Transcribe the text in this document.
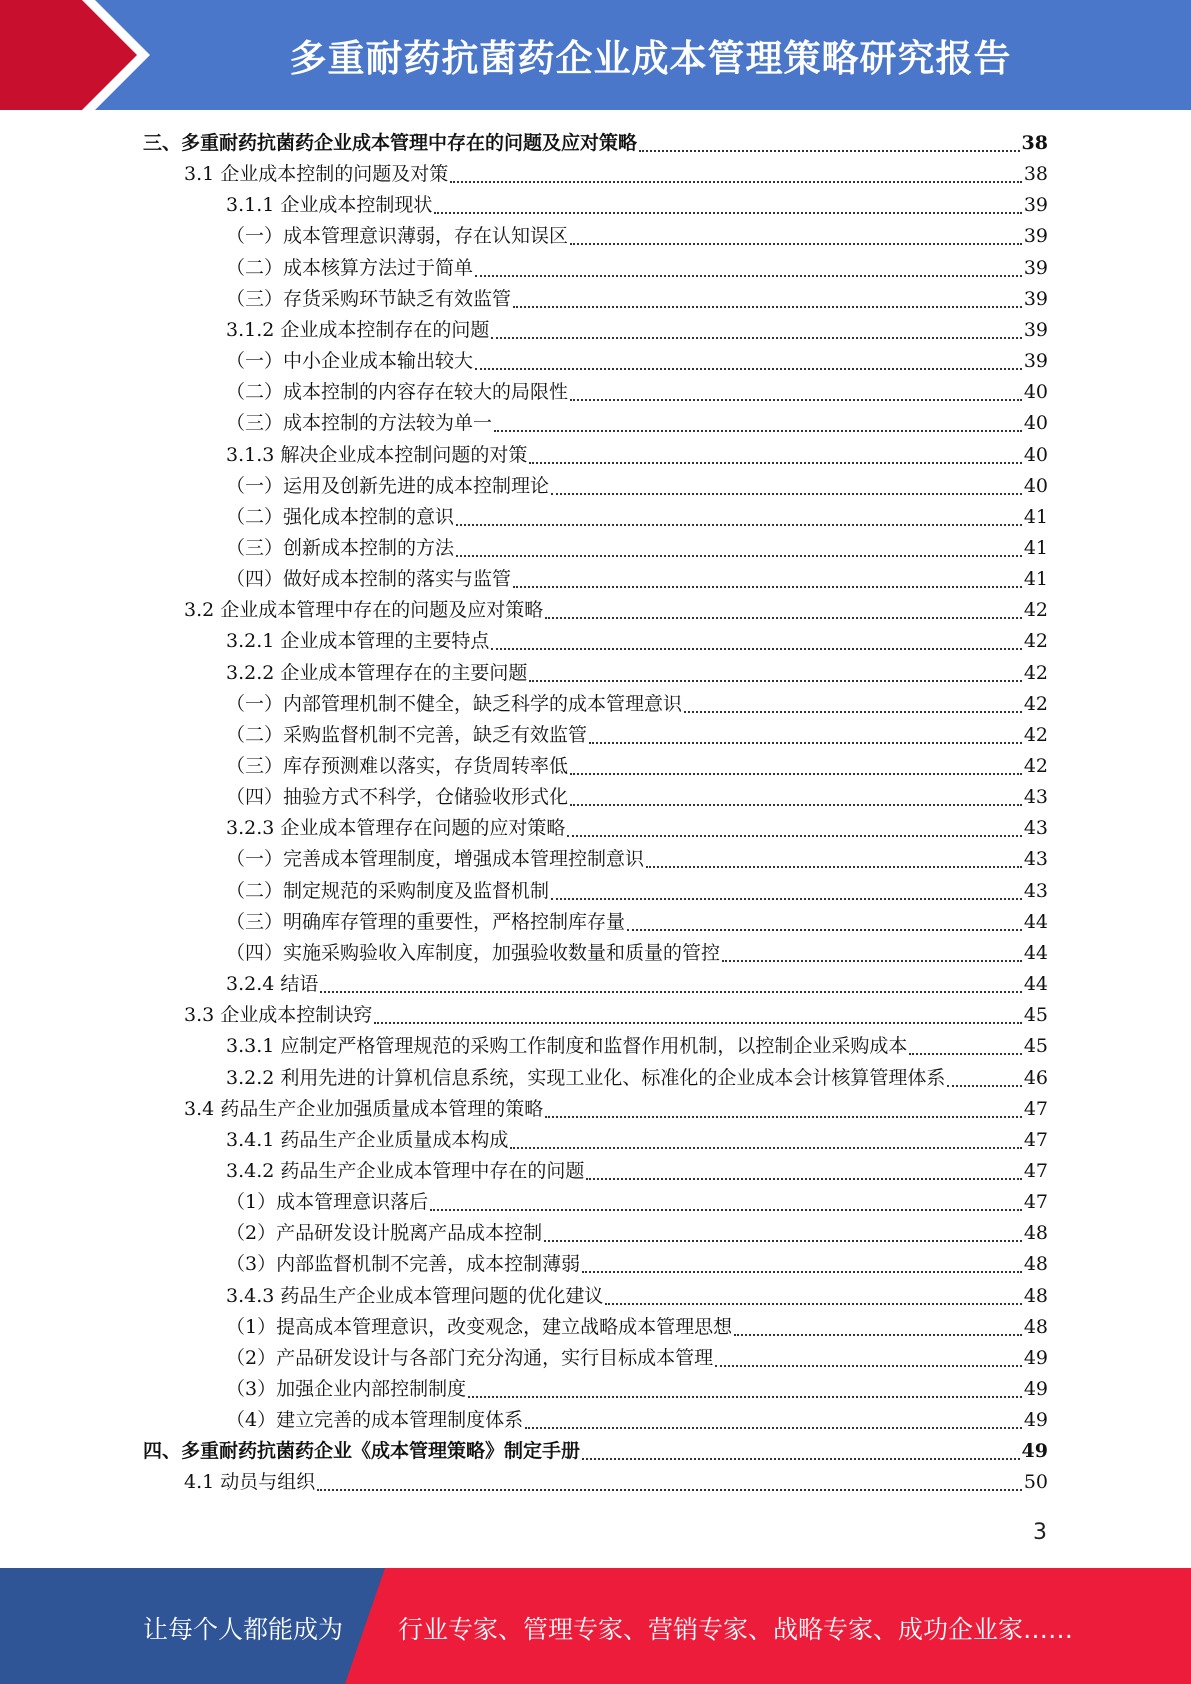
多重耐药抗菌药企业成本管理策略研究报告
三、多重耐药抗菌药企业成本管理中存在的问题及应对策略	38
3.1 企业成本控制的问题及对策	38
3.1.1 企业成本控制现状	39
（一）成本管理意识薄弱，存在认知误区	39
（二）成本核算方法过于简单	39
（三）存货采购环节缺乏有效监管	39
3.1.2 企业成本控制存在的问题	39
（一）中小企业成本输出较大	39
（二）成本控制的内容存在较大的局限性	40
（三）成本控制的方法较为单一	40
3.1.3 解决企业成本控制问题的对策	40
（一）运用及创新先进的成本控制理论	40
（二）强化成本控制的意识	41
（三）创新成本控制的方法	41
（四）做好成本控制的落实与监管	41
3.2 企业成本管理中存在的问题及应对策略	42
3.2.1 企业成本管理的主要特点	42
3.2.2 企业成本管理存在的主要问题	42
（一）内部管理机制不健全，缺乏科学的成本管理意识	42
（二）采购监督机制不完善，缺乏有效监管	42
（三）库存预测难以落实，存货周转率低	42
（四）抽验方式不科学，仓储验收形式化	43
3.2.3 企业成本管理存在问题的应对策略	43
（一）完善成本管理制度，增强成本管理控制意识	43
（二）制定规范的采购制度及监督机制	43
（三）明确库存管理的重要性，严格控制库存量	44
（四）实施采购验收入库制度，加强验收数量和质量的管控	44
3.2.4 结语	44
3.3 企业成本控制诀窍	45
3.3.1 应制定严格管理规范的采购工作制度和监督作用机制，以控制企业采购成本	45
3.2.2 利用先进的计算机信息系统，实现工业化、标准化的企业成本会计核算管理体系	46
3.4 药品生产企业加强质量成本管理的策略	47
3.4.1 药品生产企业质量成本构成	47
3.4.2 药品生产企业成本管理中存在的问题	47
（1）成本管理意识落后	47
（2）产品研发设计脱离产品成本控制	48
（3）内部监督机制不完善，成本控制薄弱	48
3.4.3 药品生产企业成本管理问题的优化建议	48
（1）提高成本管理意识，改变观念，建立战略成本管理思想	48
（2）产品研发设计与各部门充分沟通，实行目标成本管理	49
（3）加强企业内部控制制度	49
（4）建立完善的成本管理制度体系	49
四、多重耐药抗菌药企业《成本管理策略》制定手册	49
4.1 动员与组织	50
3
让每个人都能成为 行业专家、管理专家、营销专家、战略专家、成功企业家……
